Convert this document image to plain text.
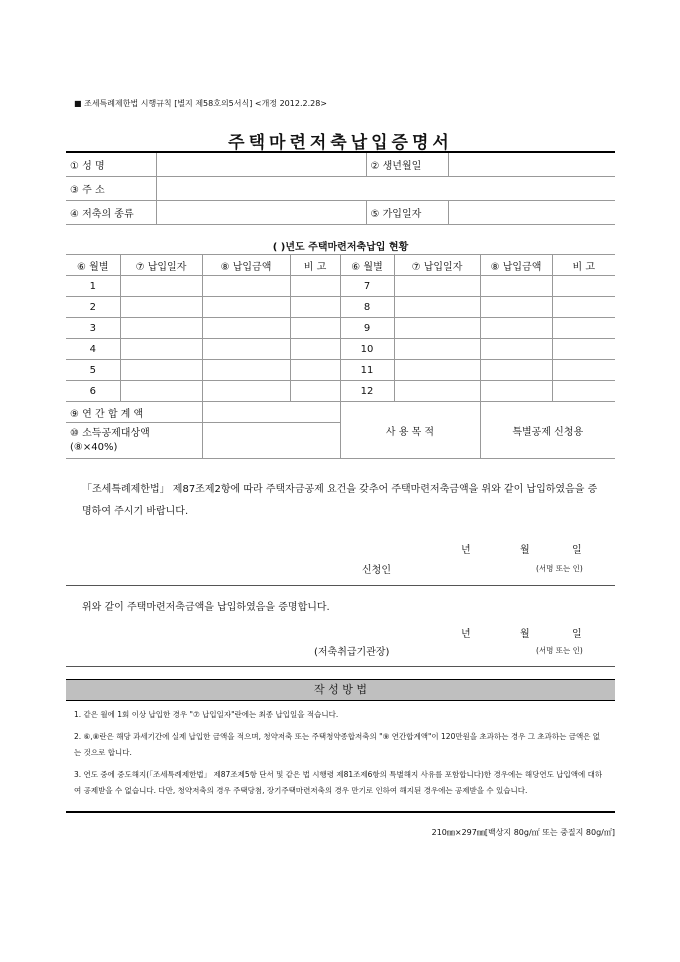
■ 조세특례제한법 시행규칙 [별지 제58호의5서식] <개정 2012.2.28>
주택마련저축납입증명서
① 성 명		② 생년월일	
③ 주 소			
④ 저축의 종류		⑤ 가입일자	
( )년도 주택마련저축납입 현황							
⑥ 월별	⑦ 납입일자	⑧ 납입금액	비 고	⑥ 월별	⑦ 납입일자	⑧ 납입금액	비 고
1				7			
2				8			
3				9			
4				10			
5				11			
6				12			
⑨ 연 간 합 계 액				사 용 목 적		특별공제 신청용	

⑩ 소득공제대상액
(⑧×40%)							

「조세특례제한법」 제87조제2항에 따라 주택자금공제 요건을 갖추어 주택마련저축금액을 위와 같이 납입하였음을 증명하여 주시기 바랍니다.
년	월	일
신청인	(서명 또는 인)
위와 같이 주택마련저축금액을 납입하였음을 증명합니다.
년	월	일
(저축취급기관장)	(서명 또는 인)
작 성 방 법

1. 같은 월에 1회 이상 납입한 경우 "⑦ 납입일자"란에는 최종 납입일을 적습니다.

2. ⑥,⑧란은 해당 과세기간에 실제 납입한 금액을 적으며, 청약저축 또는 주택청약종합저축의 "⑨ 연간합계액"이 120만원을 초과하는 경우 그 초과하는 금액은 없는 것으로 합니다.

3. 연도 중에 중도해지(「조세특례제한법」 제87조제5항 단서 및 같은 법 시행령 제81조제6항의 특별해지 사유를 포함합니다)한 경우에는 해당연도 납입액에 대하여 공제받을 수 없습니다. 다만, 청약저축의 경우 주택당첨, 장기주택마련저축의 경우 만기로 인하여 해지된 경우에는 공제받을 수 있습니다.

210㎜×297㎜[백상지 80g/㎡ 또는 중질지 80g/㎡]
